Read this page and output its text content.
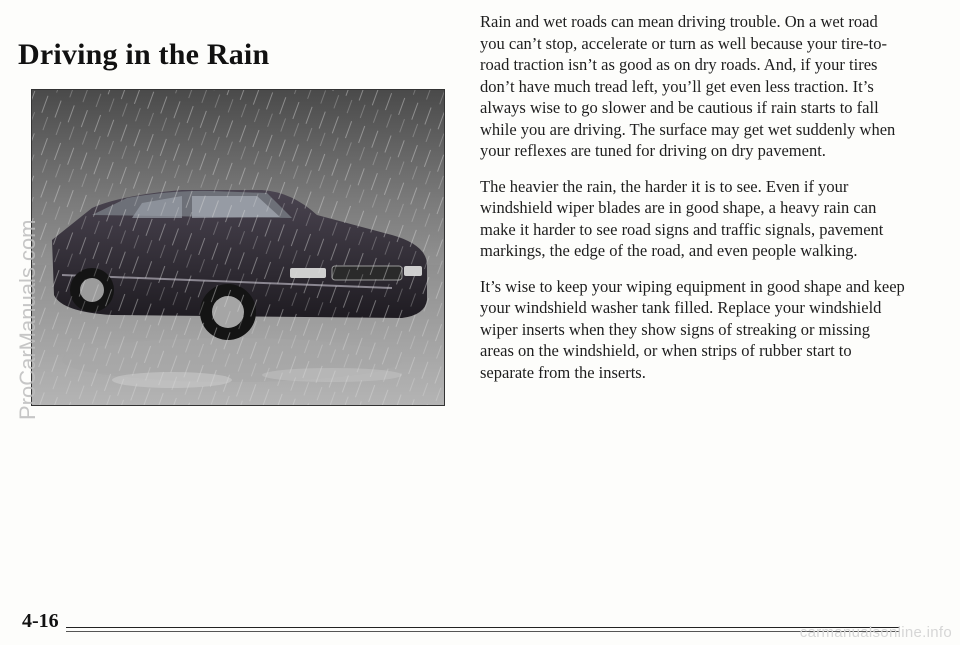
Driving in the Rain

Rain and wet roads can mean driving trouble. On a wet road you can’t stop, accelerate or turn as well because your tire-to-road traction isn’t as good as on dry roads. And, if your tires don’t have much tread left, you’ll get even less traction. It’s always wise to go slower and be cautious if rain starts to fall while you are driving. The surface may get wet suddenly when your reflexes are tuned for driving on dry pavement.

The heavier the rain, the harder it is to see. Even if your windshield wiper blades are in good shape, a heavy rain can make it harder to see road signs and traffic signals, pavement markings, the edge of the road, and even people walking.

It’s wise to keep your wiping equipment in good shape and keep your windshield washer tank filled. Replace your windshield wiper inserts when they show signs of streaking or missing areas on the windshield, or when strips of rubber start to separate from the inserts.

ProCarManuals.com
4-16
carmanualsonline.info
